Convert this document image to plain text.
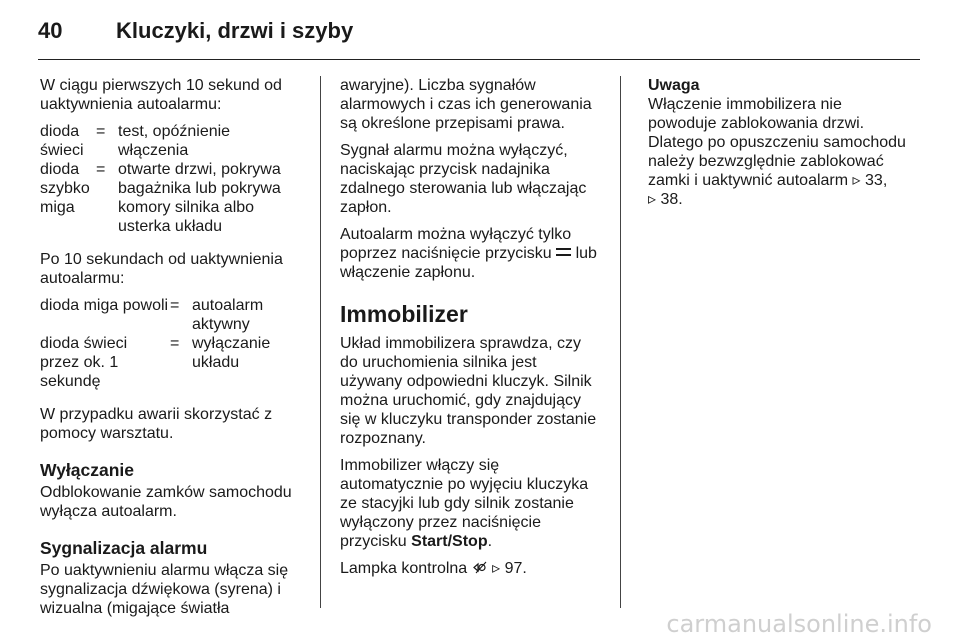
40 Kluczyki, drzwi i szyby

W ciągu pierwszych 10 sekund od uaktywnienia autoalarmu:

dioda świeci
= test, opóźnienie włączenia
dioda szybko miga
= otwarte drzwi, pokrywa bagażnika lub pokrywa komory silnika albo usterka układu

Po 10 sekundach od uaktywnienia autoalarmu:

dioda miga powoli = autoalarm aktywny
dioda świeci przez ok. 1 sekundę
= wyłączanie układu

W przypadku awarii skorzystać z pomocy warsztatu.

Wyłączanie

Odblokowanie zamków samochodu wyłącza autoalarm.

Sygnalizacja alarmu

Po uaktywnieniu alarmu włącza się sygnalizacja dźwiękowa (syrena) i wizualna (migające światła

awaryjne). Liczba sygnałów alarmowych i czas ich generowania są określone przepisami prawa.

Sygnał alarmu można wyłączyć, naciskając przycisk nadajnika zdalnego sterowania lub włączając zapłon.

Autoalarm można wyłączyć tylko poprzez naciśnięcie przycisku lub włączenie zapłonu.

Immobilizer

Układ immobilizera sprawdza, czy do uruchomienia silnika jest używany odpowiedni kluczyk. Silnik można uruchomić, gdy znajdujący się w kluczyku transponder zostanie rozpoznany.

Immobilizer włączy się automatycznie po wyjęciu kluczyka ze stacyjki lub gdy silnik zostanie wyłączony przez naciśnięcie przycisku Start/Stop.

Lampka kontrolna ▹ 97.

Uwaga

Włączenie immobilizera nie powoduje zablokowania drzwi. Dlatego po opuszczeniu samochodu należy bezwzględnie zablokować zamki i uaktywnić autoalarm ▹ 33,
▹ 38.

carmanualsonline.info
